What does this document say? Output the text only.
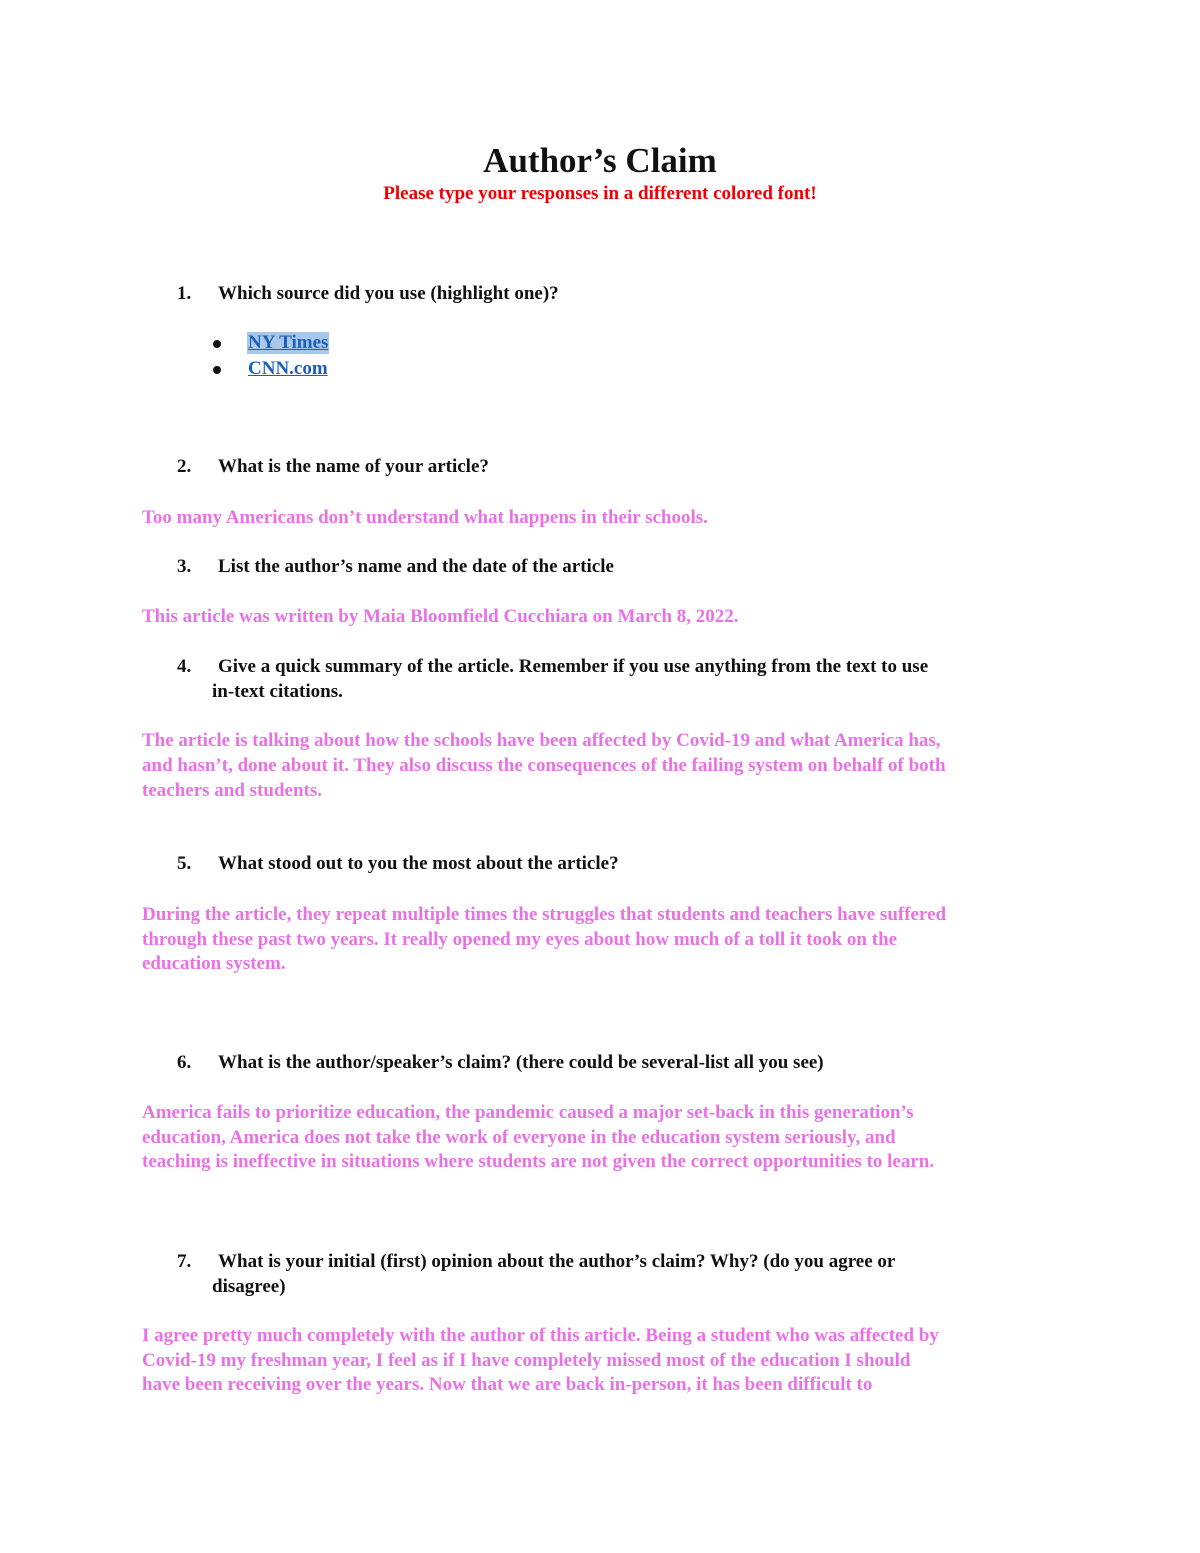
Author’s Claim
Please type your responses in a different colored font!
1. Which source did you use (highlight one)?
NY Times
CNN.com
2. What is the name of your article?
Too many Americans don’t understand what happens in their schools.
3. List the author’s name and the date of the article
This article was written by Maia Bloomfield Cucchiara on March 8, 2022.
4. Give a quick summary of the article. Remember if you use anything from the text to use
in-text citations.
The article is talking about how the schools have been affected by Covid-19 and what America has,
and hasn’t, done about it. They also discuss the consequences of the failing system on behalf of both
teachers and students.
5. What stood out to you the most about the article?
During the article, they repeat multiple times the struggles that students and teachers have suffered
through these past two years. It really opened my eyes about how much of a toll it took on the
education system.
6. What is the author/speaker’s claim? (there could be several-list all you see)
America fails to prioritize education, the pandemic caused a major set-back in this generation’s
education, America does not take the work of everyone in the education system seriously, and
teaching is ineffective in situations where students are not given the correct opportunities to learn.
7. What is your initial (first) opinion about the author’s claim? Why? (do you agree or
disagree)
I agree pretty much completely with the author of this article. Being a student who was affected by
Covid-19 my freshman year, I feel as if I have completely missed most of the education I should
have been receiving over the years. Now that we are back in-person, it has been difficult to
